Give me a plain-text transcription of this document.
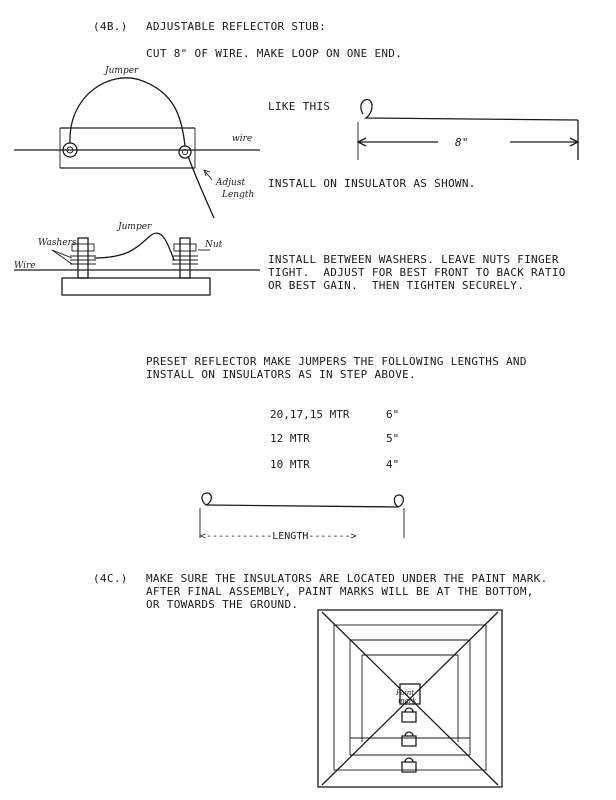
(4B.) ADJUSTABLE REFLECTOR STUB:
CUT 8" OF WIRE. MAKE LOOP ON ONE END.
Jumper
wire
Adjust
Length
LIKE THIS
8"
INSTALL ON INSULATOR AS SHOWN.
Washers
Jumper
Nut
Wire	INSTALL BETWEEN WASHERS. LEAVE NUTS FINGER
TIGHT.  ADJUST FOR BEST FRONT TO BACK RATIO
OR BEST GAIN.  THEN TIGHTEN SECURELY.
PRESET REFLECTOR MAKE JUMPERS THE FOLLOWING LENGTHS AND
INSTALL ON INSULATORS AS IN STEP ABOVE.
20,17,15 MTR	6"
12 MTR	5"
10 MTR	4"
<-----------LENGTH------->
(4C.) MAKE SURE THE INSULATORS ARE LOCATED UNDER THE PAINT MARK.
AFTER FINAL ASSEMBLY, PAINT MARKS WILL BE AT THE BOTTOM,
OR TOWARDS THE GROUND.
Paint
mark
